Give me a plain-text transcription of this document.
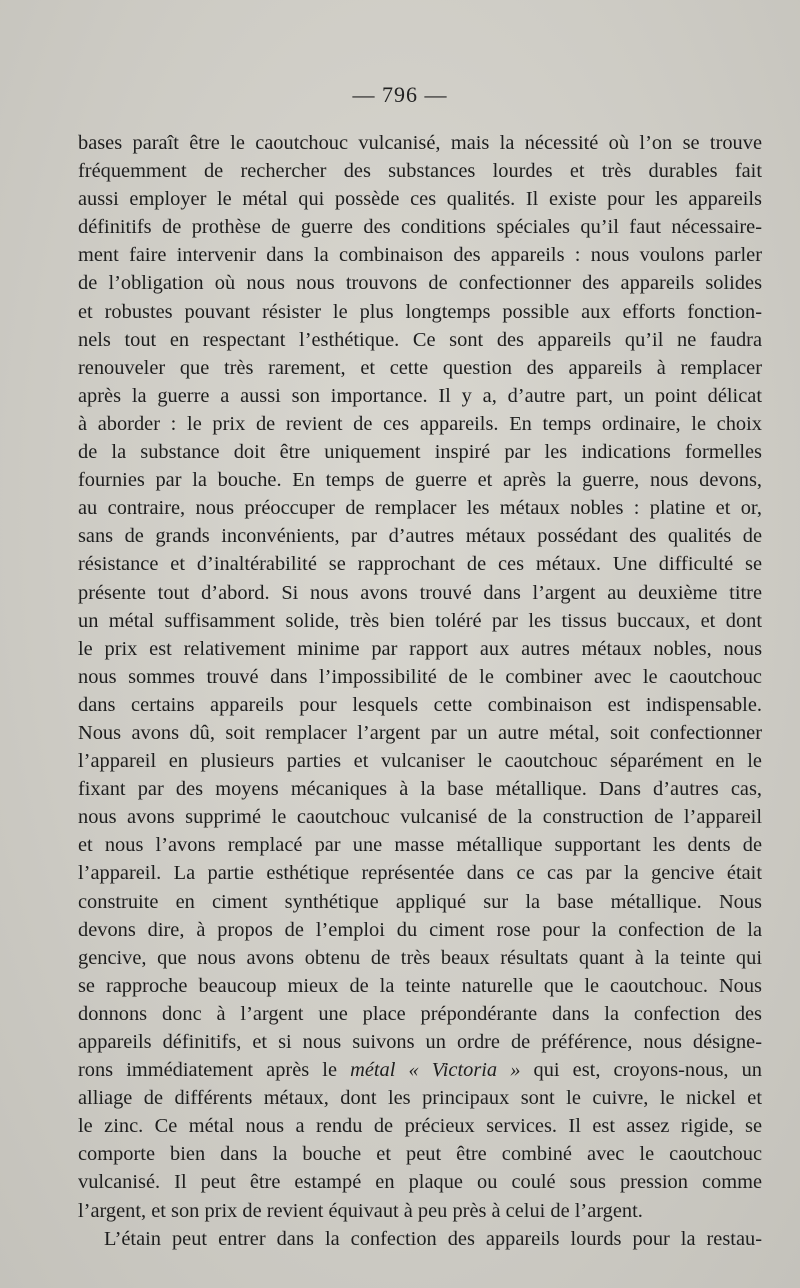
— 796 —
bases paraît être le caoutchouc vulcanisé, mais la nécessité où l’on se trouve
fréquemment de rechercher des substances lourdes et très durables fait
aussi employer le métal qui possède ces qualités. Il existe pour les appareils
définitifs de prothèse de guerre des conditions spéciales qu’il faut nécessaire-
ment faire intervenir dans la combinaison des appareils : nous voulons parler
de l’obligation où nous nous trouvons de confectionner des appareils solides
et robustes pouvant résister le plus longtemps possible aux efforts fonction-
nels tout en respectant l’esthétique. Ce sont des appareils qu’il ne faudra
renouveler que très rarement, et cette question des appareils à remplacer
après la guerre a aussi son importance. Il y a, d’autre part, un point délicat
à aborder : le prix de revient de ces appareils. En temps ordinaire, le choix
de la substance doit être uniquement inspiré par les indications formelles
fournies par la bouche. En temps de guerre et après la guerre, nous devons,
au contraire, nous préoccuper de remplacer les métaux nobles : platine et or,
sans de grands inconvénients, par d’autres métaux possédant des qualités de
résistance et d’inaltérabilité se rapprochant de ces métaux. Une difficulté se
présente tout d’abord. Si nous avons trouvé dans l’argent au deuxième titre
un métal suffisamment solide, très bien toléré par les tissus buccaux, et dont
le prix est relativement minime par rapport aux autres métaux nobles, nous
nous sommes trouvé dans l’impossibilité de le combiner avec le caoutchouc
dans certains appareils pour lesquels cette combinaison est indispensable.
Nous avons dû, soit remplacer l’argent par un autre métal, soit confectionner
l’appareil en plusieurs parties et vulcaniser le caoutchouc séparément en le
fixant par des moyens mécaniques à la base métallique. Dans d’autres cas,
nous avons supprimé le caoutchouc vulcanisé de la construction de l’appareil
et nous l’avons remplacé par une masse métallique supportant les dents de
l’appareil. La partie esthétique représentée dans ce cas par la gencive était
construite en ciment synthétique appliqué sur la base métallique. Nous
devons dire, à propos de l’emploi du ciment rose pour la confection de la
gencive, que nous avons obtenu de très beaux résultats quant à la teinte qui
se rapproche beaucoup mieux de la teinte naturelle que le caoutchouc. Nous
donnons donc à l’argent une place prépondérante dans la confection des
appareils définitifs, et si nous suivons un ordre de préférence, nous désigne-
rons immédiatement après le métal « Victoria » qui est, croyons-nous, un
alliage de différents métaux, dont les principaux sont le cuivre, le nickel et
le zinc. Ce métal nous a rendu de précieux services. Il est assez rigide, se
comporte bien dans la bouche et peut être combiné avec le caoutchouc
vulcanisé. Il peut être estampé en plaque ou coulé sous pression comme
l’argent, et son prix de revient équivaut à peu près à celui de l’argent.
L’étain peut entrer dans la confection des appareils lourds pour la restau-
